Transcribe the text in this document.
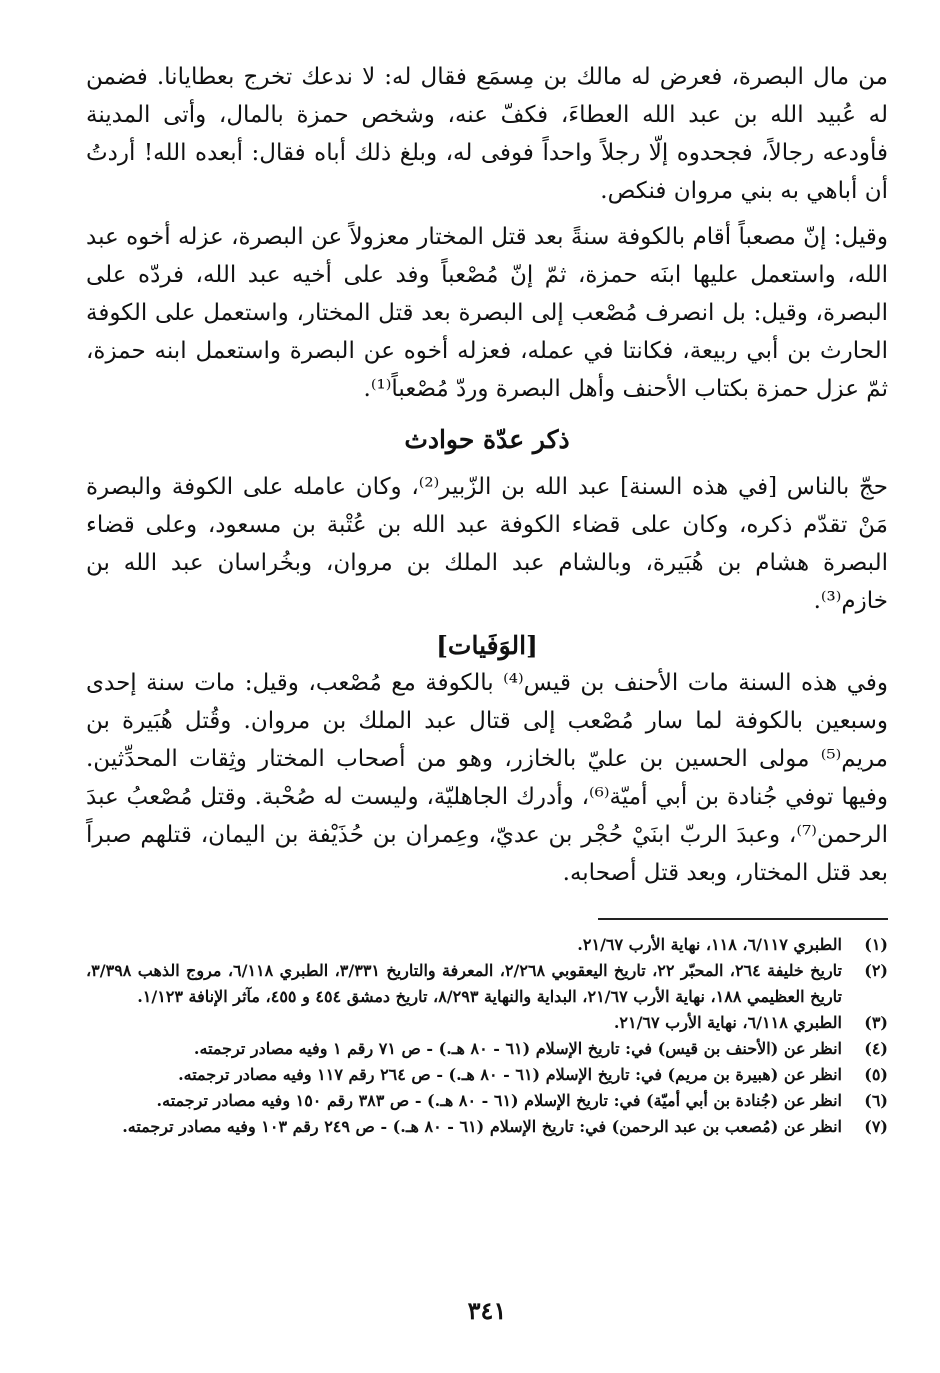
من مال البصرة، فعرض له مالك بن مِسمَع فقال له: لا ندعك تخرج بعطايانا. فضمن له عُبيد الله بن عبد الله العطاءَ، فكفّ عنه، وشخص حمزة بالمال، وأتى المدينة فأودعه رجالاً، فجحدوه إلّا رجلاً واحداً فوفى له، وبلغ ذلك أباه فقال: أبعده الله! أردتُ أن أباهي به بني مروان فنكص.

وقيل: إنّ مصعباً أقام بالكوفة سنةً بعد قتل المختار معزولاً عن البصرة، عزله أخوه عبد الله، واستعمل عليها ابنَه حمزة، ثمّ إنّ مُصْعباً وفد على أخيه عبد الله، فردّه على البصرة، وقيل: بل انصرف مُصْعب إلى البصرة بعد قتل المختار، واستعمل على الكوفة الحارث بن أبي ربيعة، فكانتا في عمله، فعزله أخوه عن البصرة واستعمل ابنه حمزة، ثمّ عزل حمزة بكتاب الأحنف وأهل البصرة وردّ مُصْعباً⁽¹⁾.

ذكر عدّة حوادث

حجّ بالناس [في هذه السنة] عبد الله بن الزّبير⁽²⁾، وكان عامله على الكوفة والبصرة مَنْ تقدّم ذكره، وكان على قضاء الكوفة عبد الله بن عُتْبة بن مسعود، وعلى قضاء البصرة هشام بن هُبَيرة، وبالشام عبد الملك بن مروان، وبخُراسان عبد الله بن خازم⁽³⁾.

[الوَفَيات]

وفي هذه السنة مات الأحنف بن قيس⁽⁴⁾ بالكوفة مع مُصْعب، وقيل: مات سنة إحدى وسبعين بالكوفة لما سار مُصْعب إلى قتال عبد الملك بن مروان. وقُتل هُبَيرة بن مريم⁽⁵⁾ مولى الحسين بن عليّ بالخازر، وهو من أصحاب المختار وثِقات المحدِّثين. وفيها توفي جُنادة بن أبي أميّة⁽⁶⁾، وأدرك الجاهليّة، وليست له صُحْبة. وقتل مُصْعبُ عبدَ الرحمن⁽⁷⁾، وعبدَ الربّ ابنَيْ حُجْر بن عديّ، وعِمران بن حُذَيْفة بن اليمان، قتلهم صبراً بعد قتل المختار، وبعد قتل أصحابه.

(١)
الطبري ٦/١١٧، ١١٨، نهاية الأرب ٢١/٦٧.
(٢)
تاريخ خليفة ٢٦٤، المحبّر ٢٢، تاريخ اليعقوبي ٢/٢٦٨، المعرفة والتاريخ ٣/٣٣١، الطبري ٦/١١٨، مروج الذهب ٣/٣٩٨، تاريخ العظيمي ١٨٨، نهاية الأرب ٢١/٦٧، البداية والنهاية ٨/٢٩٣، تاريخ دمشق ٤٥٤ و ٤٥٥، مآثر الإنافة ١/١٢٣.
(٣)
الطبري ٦/١١٨، نهاية الأرب ٢١/٦٧.
(٤)
انظر عن (الأحنف بن قيس) في: تاريخ الإسلام (٦١ - ٨٠ هـ.) - ص ٧١ رقم ١ وفيه مصادر ترجمته.
(٥)
انظر عن (هبيرة بن مريم) في: تاريخ الإسلام (٦١ - ٨٠ هـ.) - ص ٢٦٤ رقم ١١٧ وفيه مصادر ترجمته.
(٦)
انظر عن (جُنادة بن أبي أميّة) في: تاريخ الإسلام (٦١ - ٨٠ هـ.) - ص ٣٨٣ رقم ١٥٠ وفيه مصادر ترجمته.
(٧)
انظر عن (مُصعب بن عبد الرحمن) في: تاريخ الإسلام (٦١ - ٨٠ هـ.) - ص ٢٤٩ رقم ١٠٣ وفيه مصادر ترجمته.
٣٤١
